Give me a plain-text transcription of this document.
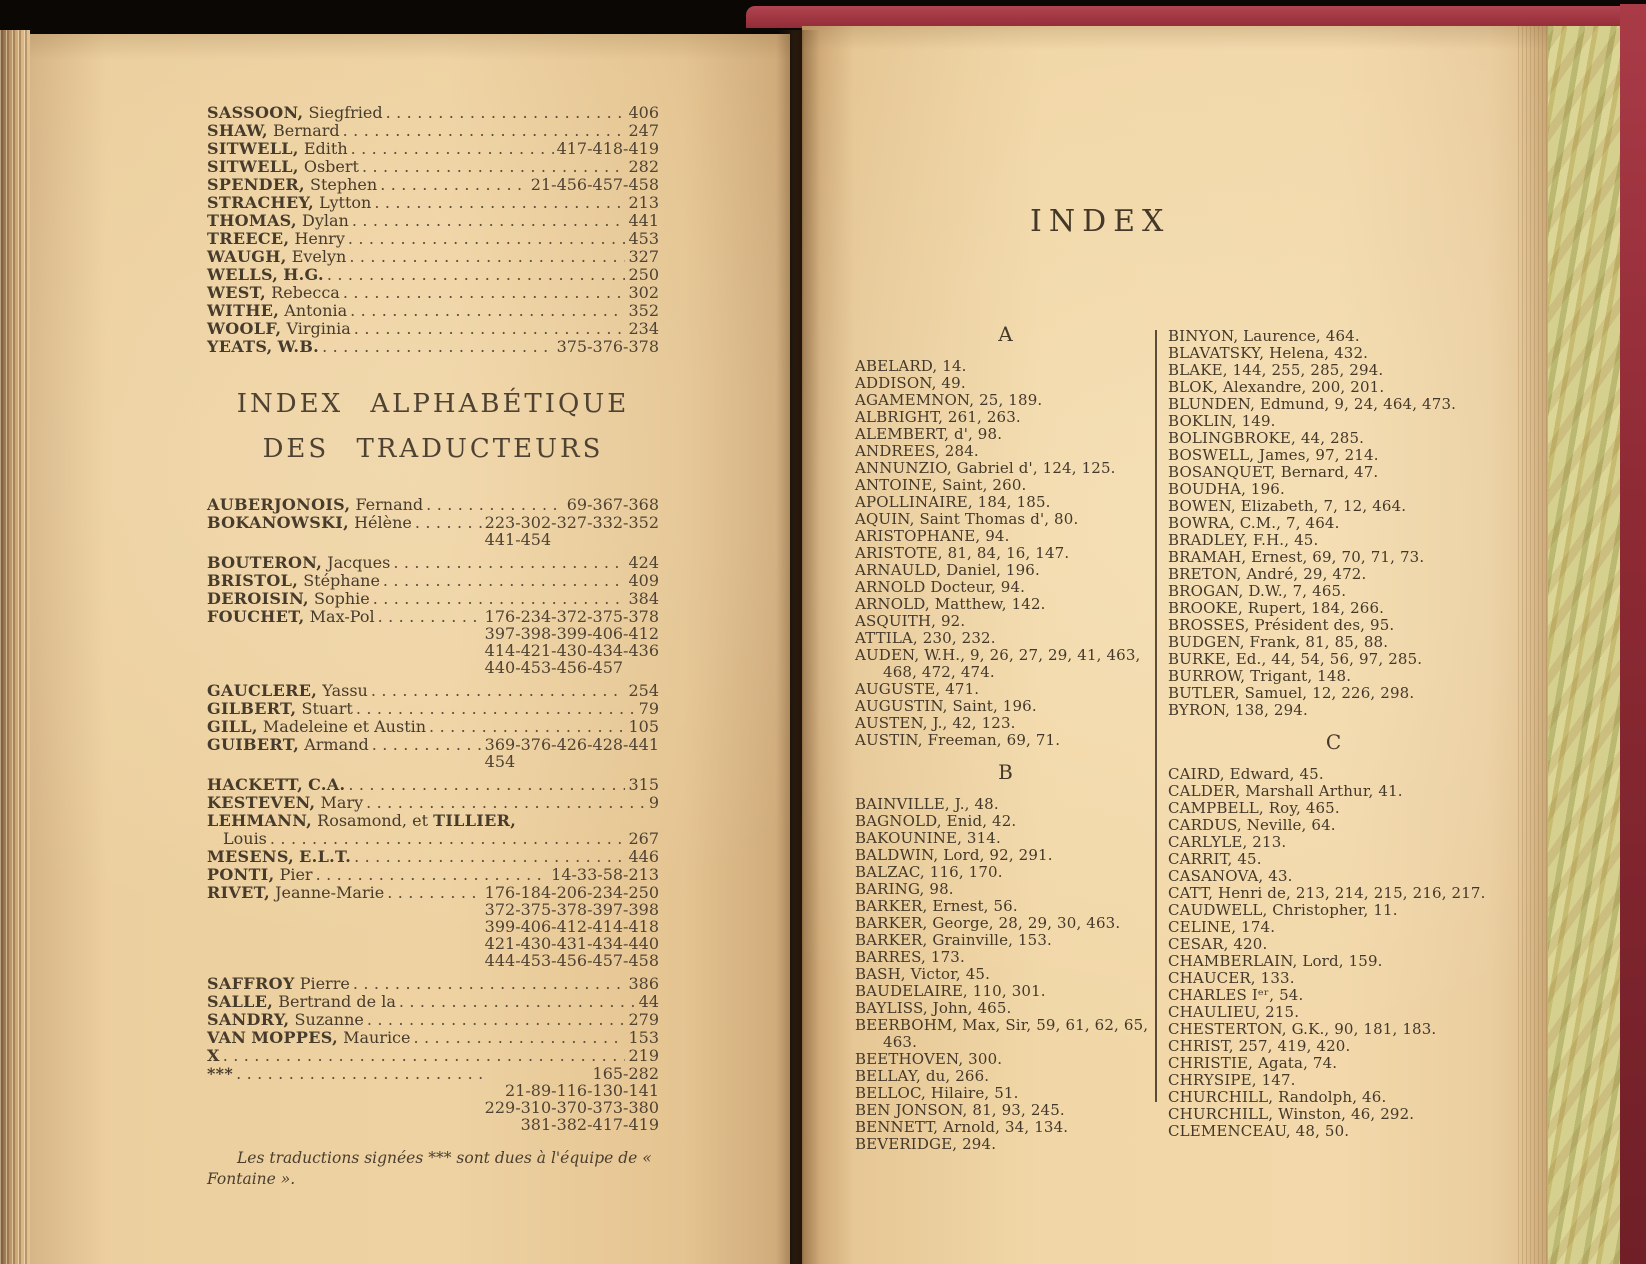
SASSOON, Siegfried .....	406
SHAW, Bernard .....	247
SITWELL, Edith .....	417-418-419
SITWELL, Osbert .....	282
SPENDER, Stephen .....	21-456-457-458
STRACHEY, Lytton .....	213
THOMAS, Dylan .....	441
TREECE, Henry .....	453
WAUGH, Evelyn .....	327
WELLS, H.G. .....	250
WEST, Rebecca .....	302
WITHE, Antonia .....	352
WOOLF, Virginia .....	234
YEATS, W.B. .....	375-376-378
INDEX ALPHABÉTIQUE
DES TRADUCTEURS
AUBERJONOIS, Fernand .....	69-367-368
BOKANOWSKI, Hélène .....	223-302-327-332-352
441-454
BOUTERON, Jacques .....	424
BRISTOL, Stéphane .....	409
DEROISIN, Sophie .....	384
FOUCHET, Max-Pol .....	176-234-372-375-378
397-398-399-406-412
414-421-430-434-436
440-453-456-457
GAUCLERE, Yassu .....	254
GILBERT, Stuart .....	79
GILL, Madeleine et Austin .....	105
GUIBERT, Armand .....	369-376-426-428-441
454
HACKETT, C.A. .....	315
KESTEVEN, Mary .....	9
LEHMANN, Rosamond, et TILLIER,
Louis .....	267
MESENS, E.L.T. .....	446
PONTI, Pier .....	14-33-58-213
RIVET, Jeanne-Marie .....	176-184-206-234-250
372-375-378-397-398
399-406-412-414-418
421-430-431-434-440
444-453-456-457-458
SAFFROY Pierre .....	386
SALLE, Bertrand de la .....	44
SANDRY, Suzanne .....	279
VAN MOPPES, Maurice .....	153
X .....	219
*** .....	165-282
21-89-116-130-141
229-310-370-373-380
381-382-417-419
Les traductions signées *** sont dues à l'équipe de « Fontaine ».
INDEX
A
ABELARD, 14.
ADDISON, 49.
AGAMEMNON, 25, 189.
ALBRIGHT, 261, 263.
ALEMBERT, d', 98.
ANDREES, 284.
ANNUNZIO, Gabriel d', 124, 125.
ANTOINE, Saint, 260.
APOLLINAIRE, 184, 185.
AQUIN, Saint Thomas d', 80.
ARISTOPHANE, 94.
ARISTOTE, 81, 84, 16, 147.
ARNAULD, Daniel, 196.
ARNOLD Docteur, 94.
ARNOLD, Matthew, 142.
ASQUITH, 92.
ATTILA, 230, 232.
AUDEN, W.H., 9, 26, 27, 29, 41, 463, 468, 472, 474.
AUGUSTE, 471.
AUGUSTIN, Saint, 196.
AUSTEN, J., 42, 123.
AUSTIN, Freeman, 69, 71.
B
BAINVILLE, J., 48.
BAGNOLD, Enid, 42.
BAKOUNINE, 314.
BALDWIN, Lord, 92, 291.
BALZAC, 116, 170.
BARING, 98.
BARKER, Ernest, 56.
BARKER, George, 28, 29, 30, 463.
BARKER, Grainville, 153.
BARRES, 173.
BASH, Victor, 45.
BAUDELAIRE, 110, 301.
BAYLISS, John, 465.
BEERBOHM, Max, Sir, 59, 61, 62, 65, 463.
BEETHOVEN, 300.
BELLAY, du, 266.
BELLOC, Hilaire, 51.
BEN JONSON, 81, 93, 245.
BENNETT, Arnold, 34, 134.
BEVERIDGE, 294.
BINYON, Laurence, 464.
BLAVATSKY, Helena, 432.
BLAKE, 144, 255, 285, 294.
BLOK, Alexandre, 200, 201.
BLUNDEN, Edmund, 9, 24, 464, 473.
BOKLIN, 149.
BOLINGBROKE, 44, 285.
BOSWELL, James, 97, 214.
BOSANQUET, Bernard, 47.
BOUDHA, 196.
BOWEN, Elizabeth, 7, 12, 464.
BOWRA, C.M., 7, 464.
BRADLEY, F.H., 45.
BRAMAH, Ernest, 69, 70, 71, 73.
BRETON, André, 29, 472.
BROGAN, D.W., 7, 465.
BROOKE, Rupert, 184, 266.
BROSSES, Président des, 95.
BUDGEN, Frank, 81, 85, 88.
BURKE, Ed., 44, 54, 56, 97, 285.
BURROW, Trigant, 148.
BUTLER, Samuel, 12, 226, 298.
BYRON, 138, 294.
C
CAIRD, Edward, 45.
CALDER, Marshall Arthur, 41.
CAMPBELL, Roy, 465.
CARDUS, Neville, 64.
CARLYLE, 213.
CARRIT, 45.
CASANOVA, 43.
CATT, Henri de, 213, 214, 215, 216, 217.
CAUDWELL, Christopher, 11.
CELINE, 174.
CESAR, 420.
CHAMBERLAIN, Lord, 159.
CHAUCER, 133.
CHARLES Iᵉʳ, 54.
CHAULIEU, 215.
CHESTERTON, G.K., 90, 181, 183.
CHRIST, 257, 419, 420.
CHRISTIE, Agata, 74.
CHRYSIPE, 147.
CHURCHILL, Randolph, 46.
CHURCHILL, Winston, 46, 292.
CLEMENCEAU, 48, 50.
